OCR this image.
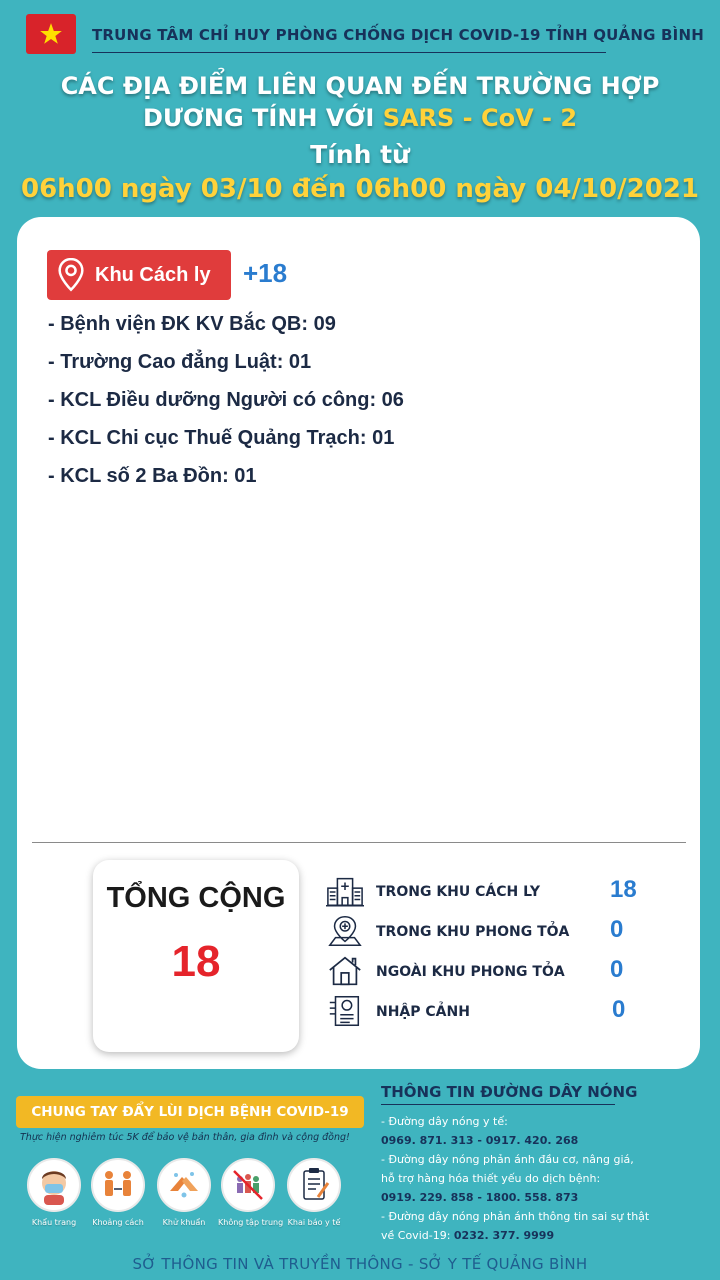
TRUNG TÂM CHỈ HUY PHÒNG CHỐNG DỊCH COVID-19 TỈNH QUẢNG BÌNH
CÁC ĐỊA ĐIỂM LIÊN QUAN ĐẾN TRƯỜNG HỢP
DƯƠNG TÍNH VỚI SARS - CoV - 2
Tính từ
06h00 ngày 03/10 đến 06h00 ngày 04/10/2021
Khu Cách ly +18
- Bệnh viện ĐK KV Bắc QB: 09
- Trường Cao đẳng Luật: 01
- KCL Điều dưỡng Người có công: 06
- KCL Chi cục Thuế Quảng Trạch: 01
- KCL số 2 Ba Đồn: 01
TỔNG CỘNG
18
TRONG KHU CÁCH LY	18
TRONG KHU PHONG TỎA 0
NGOÀI KHU PHONG TỎA 0
NHẬP CẢNH	0
CHUNG TAY ĐẨY LÙI DỊCH BỆNH COVID-19
Thực hiện nghiêm túc 5K để bảo vệ bản thân, gia đình và cộng đồng!
Khẩu trang	Khoảng cách	Khử khuẩn	Không tập trung Khai báo y tế
THÔNG TIN ĐƯỜNG DÂY NÓNG
- Đường dây nóng y tế:
0969. 871. 313 - 0917. 420. 268
- Đường dây nóng phản ánh đầu cơ, nâng giá,
hỗ trợ hàng hóa thiết yếu do dịch bệnh:
0919. 229. 858 - 1800. 558. 873
- Đường dây nóng phản ánh thông tin sai sự thật
về Covid-19: 0232. 377. 9999
SỞ THÔNG TIN VÀ TRUYỀN THÔNG - SỞ Y TẾ QUẢNG BÌNH
